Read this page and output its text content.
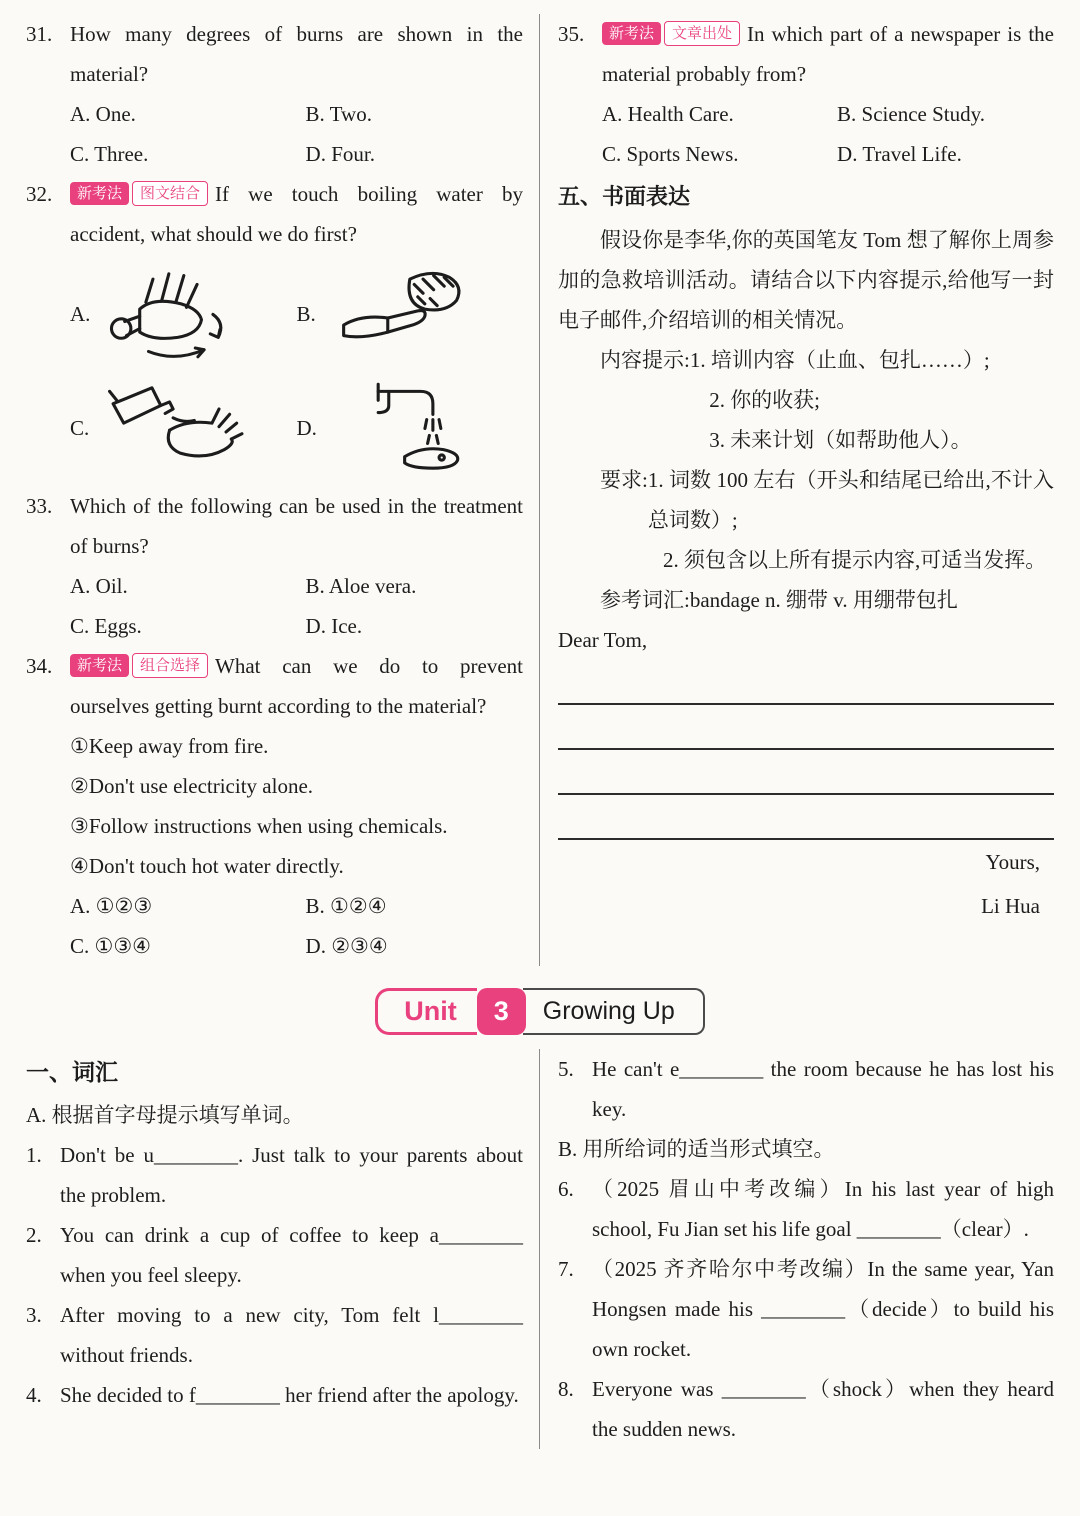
31. How many degrees of burns are shown in the material?
A. One.	B. Two.
C. Three.	D. Four.
32.	新考法 图文结合 If we touch boiling water by accident, what should we do first?
A.	B.
C.	D.
33. Which of the following can be used in the treatment of burns?
A. Oil.	B. Aloe vera.
C. Eggs.	D. Ice.
34.	新考法 组合选择 What can we do to prevent ourselves getting burnt according to the material?
①Keep away from fire.
②Don't use electricity alone.
③Follow instructions when using chemicals.
④Don't touch hot water directly.
A. ①②③	B. ①②④
C. ①③④	D. ②③④
35.	新考法 文章出处 In which part of a newspaper is the material probably from?
A. Health Care.	B. Science Study.
C. Sports News.	D. Travel Life.
五、书面表达
假设你是李华,你的英国笔友 Tom 想了解你上周参加的急救培训活动。请结合以下内容提示,给他写一封电子邮件,介绍培训的相关情况。
内容提示: 1. 培训内容（止血、包扎……）;
2. 你的收获;
3. 未来计划（如帮助他人）。
要求: 1. 词数 100 左右（开头和结尾已给出,不计入总词数）;
2. 须包含以上所有提示内容,可适当发挥。
参考词汇:bandage n. 绷带 v. 用绷带包扎
Dear Tom,
Yours,
Li Hua
Unit	3	Growing Up
一、词汇
A. 根据首字母提示填写单词。
1. Don't be u________. Just talk to your parents about the problem.
2. You can drink a cup of coffee to keep a________ when you feel sleepy.
3. After moving to a new city, Tom felt l________ without friends.
4. She decided to f________ her friend after the apology.
5. He can't e________ the room because he has lost his key.
B. 用所给词的适当形式填空。
6. （2025 眉山中考改编）In his last year of high school, Fu Jian set his life goal ________（clear）.
7. （2025 齐齐哈尔中考改编）In the same year, Yan Hongsen made his ________（decide）to build his own rocket.
8. Everyone was ________（shock）when they heard the sudden news.
